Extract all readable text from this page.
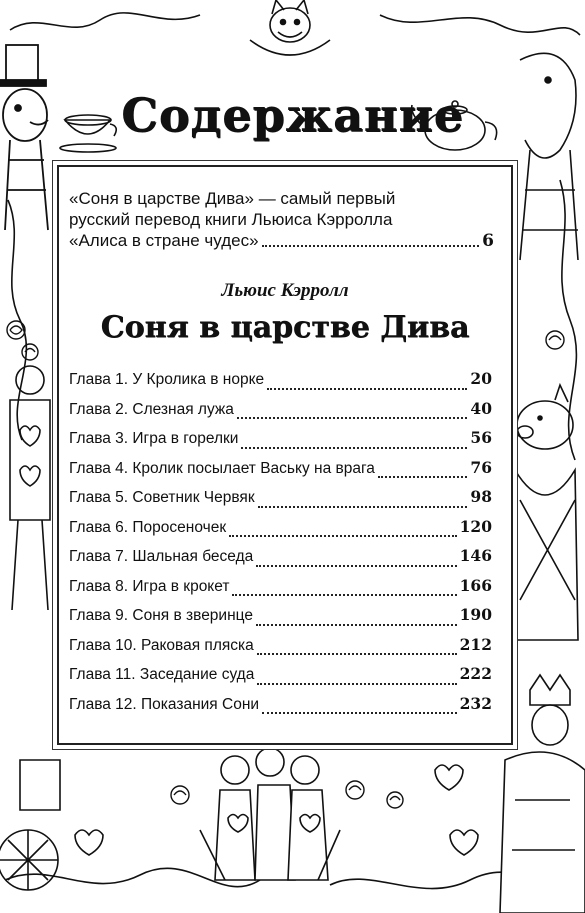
Содержание
«Соня в царстве Дива» — самый первый
русский перевод книги Льюиса Кэрролла
«Алиса в стране чудес»	6
Льюис Кэрролл
Соня в царстве Дива
Глава 1. У Кролика в норке	20
Глава 2. Слезная лужа	40
Глава 3. Игра в горелки	56
Глава 4. Кролик посылает Ваську на врага	76
Глава 5. Советник Червяк	98
Глава 6. Поросеночек	120
Глава 7. Шальная беседа	146
Глава 8. Игра в крокет	166
Глава 9. Соня в зверинце	190
Глава 10. Раковая пляска	212
Глава 11. Заседание суда	222
Глава 12. Показания Сони	232
